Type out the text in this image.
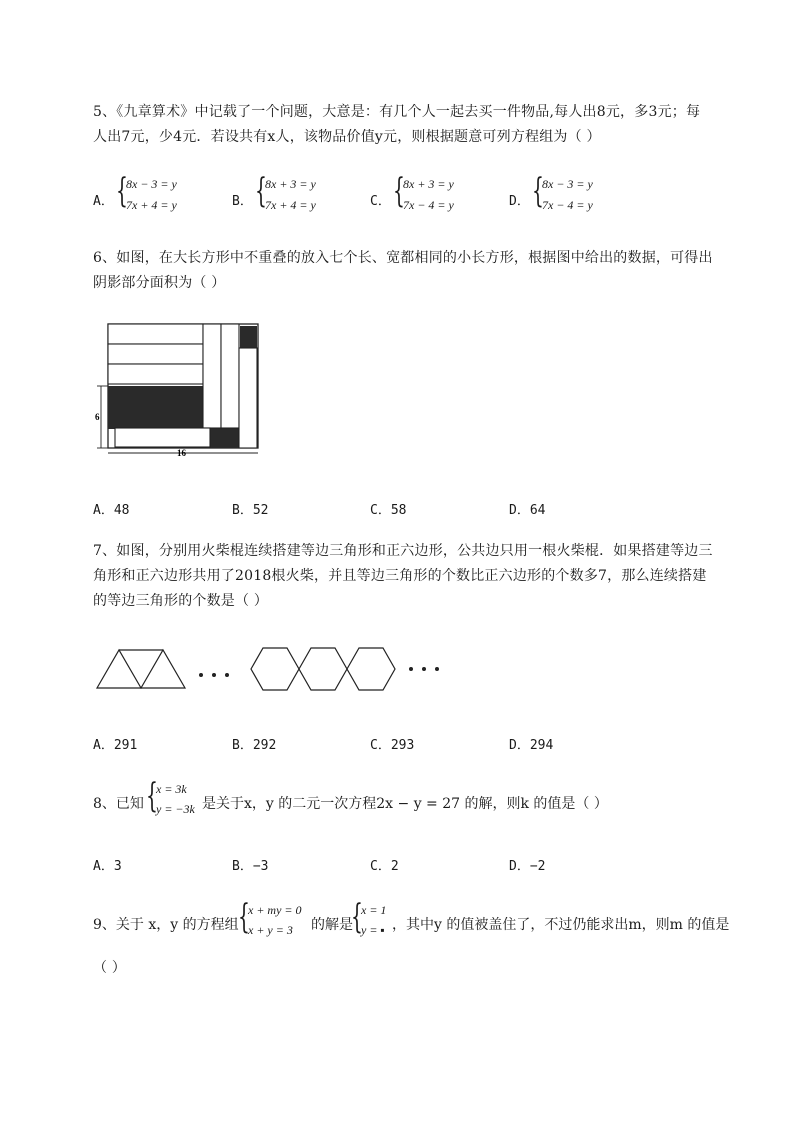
5、《九章算术》中记载了一个问题，大意是：有几个人一起去买一件物品,每人出8元，多3元；每
人出7元，少4元．若设共有x人，该物品价值y元，则根据题意可列方程组为（ ）
A． {
8x − 3 = y
7x + 4 = y	B． {
8x + 3 = y
7x + 4 = y	C． {
8x + 3 = y
7x − 4 = y	D． {
8x − 3 = y
7x − 4 = y
6、如图，在大长方形中不重叠的放入七个长、宽都相同的小长方形，根据图中给出的数据，可得出
阴影部分面积为（ ）
6
16
A．48	B．52	C．58	D．64
7、如图，分别用火柴棍连续搭建等边三角形和正六边形，公共边只用一根火柴棍．如果搭建等边三
角形和正六边形共用了2018根火柴，并且等边三角形的个数比正六边形的个数多7，那么连续搭建
的等边三角形的个数是（ ）
A．291	B．292	C．293	D．294
8、已知 {
x = 3k
y = −3k 是关于x，y 的二元一次方程2x − y = 27 的解，则k 的值是（ ）
A．3	B．−3	C．2	D．−2
9、关于 x，y 的方程组 {
x + my = 0
x + y = 3 的解是
{
x = 1
y = ▪ ，其中y 的值被盖住了，不过仍能求出m，则m 的值是
（ ）
